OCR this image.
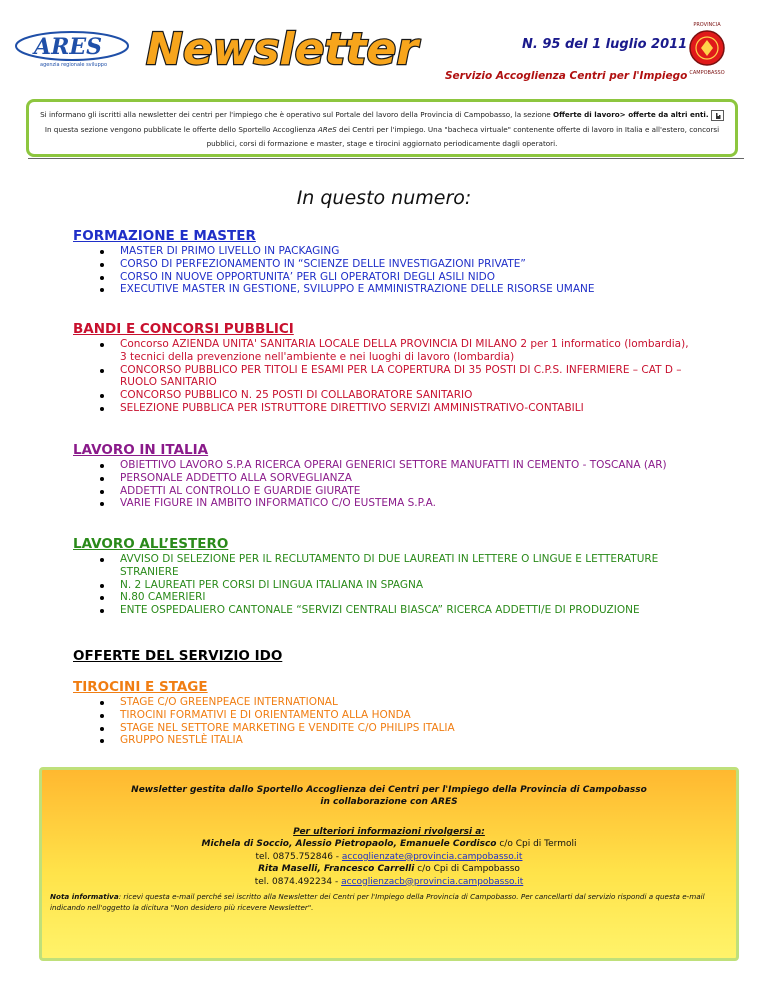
ARES
agenzia regionale sviluppo Newsletter	N. 95 del 1 luglio 2011
Servizio Accoglienza Centri per l'Impiego
PROVINCIA
CAMPOBASSO
Si informano gli iscritti alla newsletter dei centri per l'impiego che è operativo sul Portale del lavoro della Provincia di Campobasso, la sezione Offerte di lavoro> offerte da altri enti.  In questa sezione vengono pubblicate le offerte dello Sportello Accoglienza AReS dei Centri per l'impiego. Una "bacheca virtuale" contenente offerte di lavoro in Italia e all'estero, concorsi pubblici, corsi di formazione e master, stage e tirocini aggiornato periodicamente dagli operatori.
In questo numero:
FORMAZIONE E MASTER
MASTER DI PRIMO LIVELLO IN PACKAGING
CORSO DI PERFEZIONAMENTO IN “SCIENZE DELLE INVESTIGAZIONI PRIVATE”
CORSO IN NUOVE OPPORTUNITA’ PER GLI OPERATORI DEGLI ASILI NIDO
EXECUTIVE MASTER IN GESTIONE, SVILUPPO E AMMINISTRAZIONE DELLE RISORSE UMANE
BANDI E CONCORSI PUBBLICI
Concorso AZIENDA UNITA' SANITARIA LOCALE DELLA PROVINCIA DI MILANO 2 per 1 informatico (lombardia), 3 tecnici della prevenzione nell'ambiente e nei luoghi di lavoro (lombardia)
CONCORSO PUBBLICO PER TITOLI E ESAMI PER LA COPERTURA DI 35 POSTI DI C.P.S. INFERMIERE – CAT D – RUOLO SANITARIO
CONCORSO PUBBLICO N. 25 POSTI DI COLLABORATORE SANITARIO
SELEZIONE PUBBLICA PER ISTRUTTORE DIRETTIVO SERVIZI AMMINISTRATIVO-CONTABILI
LAVORO IN ITALIA
OBIETTIVO LAVORO S.P.A RICERCA OPERAI GENERICI SETTORE MANUFATTI IN CEMENTO - TOSCANA (AR)
PERSONALE ADDETTO ALLA SORVEGLIANZA
ADDETTI AL CONTROLLO E GUARDIE GIURATE
VARIE FIGURE IN AMBITO INFORMATICO C/O EUSTEMA S.P.A.
LAVORO ALL’ESTERO
AVVISO DI SELEZIONE PER IL RECLUTAMENTO DI DUE LAUREATI IN LETTERE O LINGUE E LETTERATURE STRANIERE
N. 2 LAUREATI PER CORSI DI LINGUA ITALIANA IN SPAGNA
N.80 CAMERIERI
ENTE OSPEDALIERO CANTONALE “SERVIZI CENTRALI BIASCA” RICERCA ADDETTI/E DI PRODUZIONE
OFFERTE DEL SERVIZIO IDO
TIROCINI E STAGE
STAGE C/O GREENPEACE INTERNATIONAL
TIROCINI FORMATIVI E DI ORIENTAMENTO ALLA HONDA
STAGE NEL SETTORE MARKETING E VENDITE C/O PHILIPS ITALIA
GRUPPO NESTLÈ ITALIA
Newsletter gestita dallo Sportello Accoglienza dei Centri per l'Impiego della Provincia di Campobasso
in collaborazione con ARES
Per ulteriori informazioni rivolgersi a:
Michela di Soccio, Alessio Pietropaolo, Emanuele Cordisco c/o Cpi di Termoli
tel. 0875.752846 - accoglienzate@provincia.campobasso.it
Rita Maselli, Francesco Carrelli c/o Cpi di Campobasso
tel. 0874.492234 - accoglienzacb@provincia.campobasso.it
Nota informativa: ricevi questa e-mail perché sei iscritto alla Newsletter dei Centri per l'Impiego della Provincia di Campobasso. Per cancellarti dal servizio rispondi a questa e-mail indicando nell'oggetto la dicitura "Non desidero più ricevere Newsletter".
